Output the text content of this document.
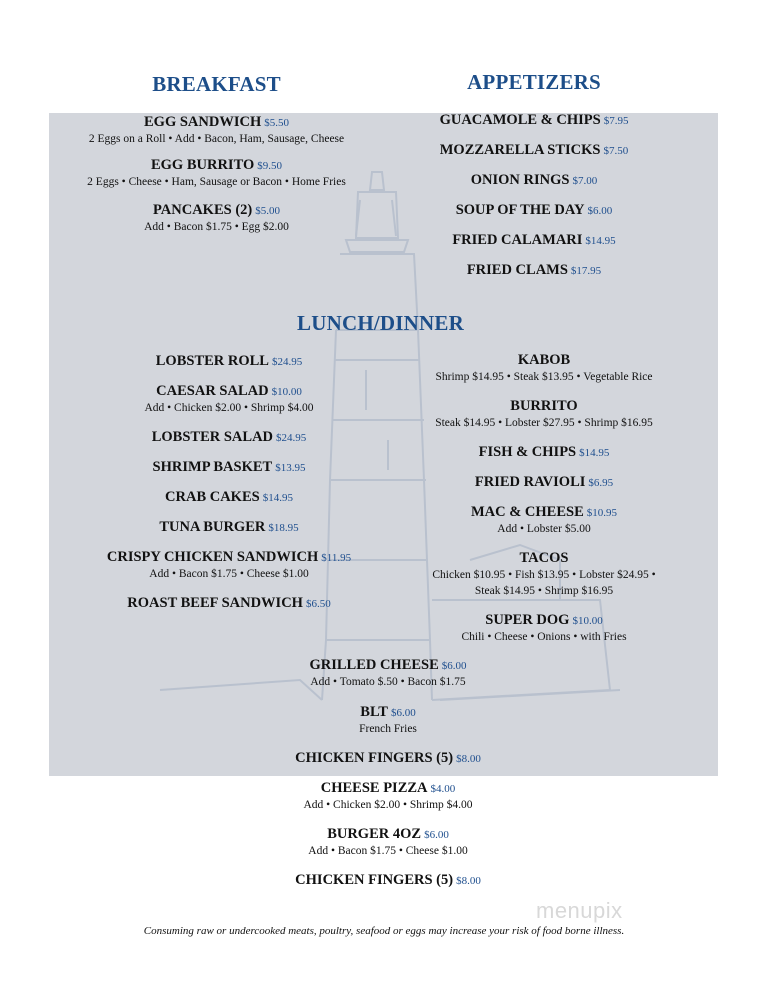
BREAKFAST	APPETIZERS
LUNCH/DINNER
EGG SANDWICH $5.50
2 Eggs on a Roll • Add • Bacon, Ham, Sausage, Cheese
EGG BURRITO $9.50
2 Eggs • Cheese • Ham, Sausage or Bacon • Home Fries
PANCAKES (2) $5.00
Add • Bacon $1.75 • Egg $2.00
GUACAMOLE & CHIPS $7.95
MOZZARELLA STICKS $7.50
ONION RINGS $7.00
SOUP OF THE DAY $6.00
FRIED CALAMARI $14.95
FRIED CLAMS $17.95
LOBSTER ROLL $24.95
CAESAR SALAD $10.00
Add • Chicken $2.00 • Shrimp $4.00
LOBSTER SALAD $24.95
SHRIMP BASKET $13.95
CRAB CAKES $14.95
TUNA BURGER $18.95
CRISPY CHICKEN SANDWICH $11.95
Add • Bacon $1.75 • Cheese $1.00
ROAST BEEF SANDWICH $6.50
KABOB
Shrimp $14.95 • Steak $13.95 • Vegetable Rice
BURRITO
Steak $14.95 • Lobster $27.95 • Shrimp $16.95
FISH & CHIPS $14.95
FRIED RAVIOLI $6.95
MAC & CHEESE $10.95
Add • Lobster $5.00
TACOS
Chicken $10.95 • Fish $13.95 • Lobster $24.95 •
Steak $14.95 • Shrimp $16.95
SUPER DOG $10.00
Chili • Cheese • Onions • with Fries
GRILLED CHEESE $6.00
Add • Tomato $.50 • Bacon $1.75
BLT $6.00
French Fries
CHICKEN FINGERS (5) $8.00
CHEESE PIZZA $4.00
Add • Chicken $2.00 • Shrimp $4.00
BURGER 4OZ $6.00
Add • Bacon $1.75 • Cheese $1.00
CHICKEN FINGERS (5) $8.00
menupix
Consuming raw or undercooked meats, poultry, seafood or eggs may increase your risk of food borne illness.
